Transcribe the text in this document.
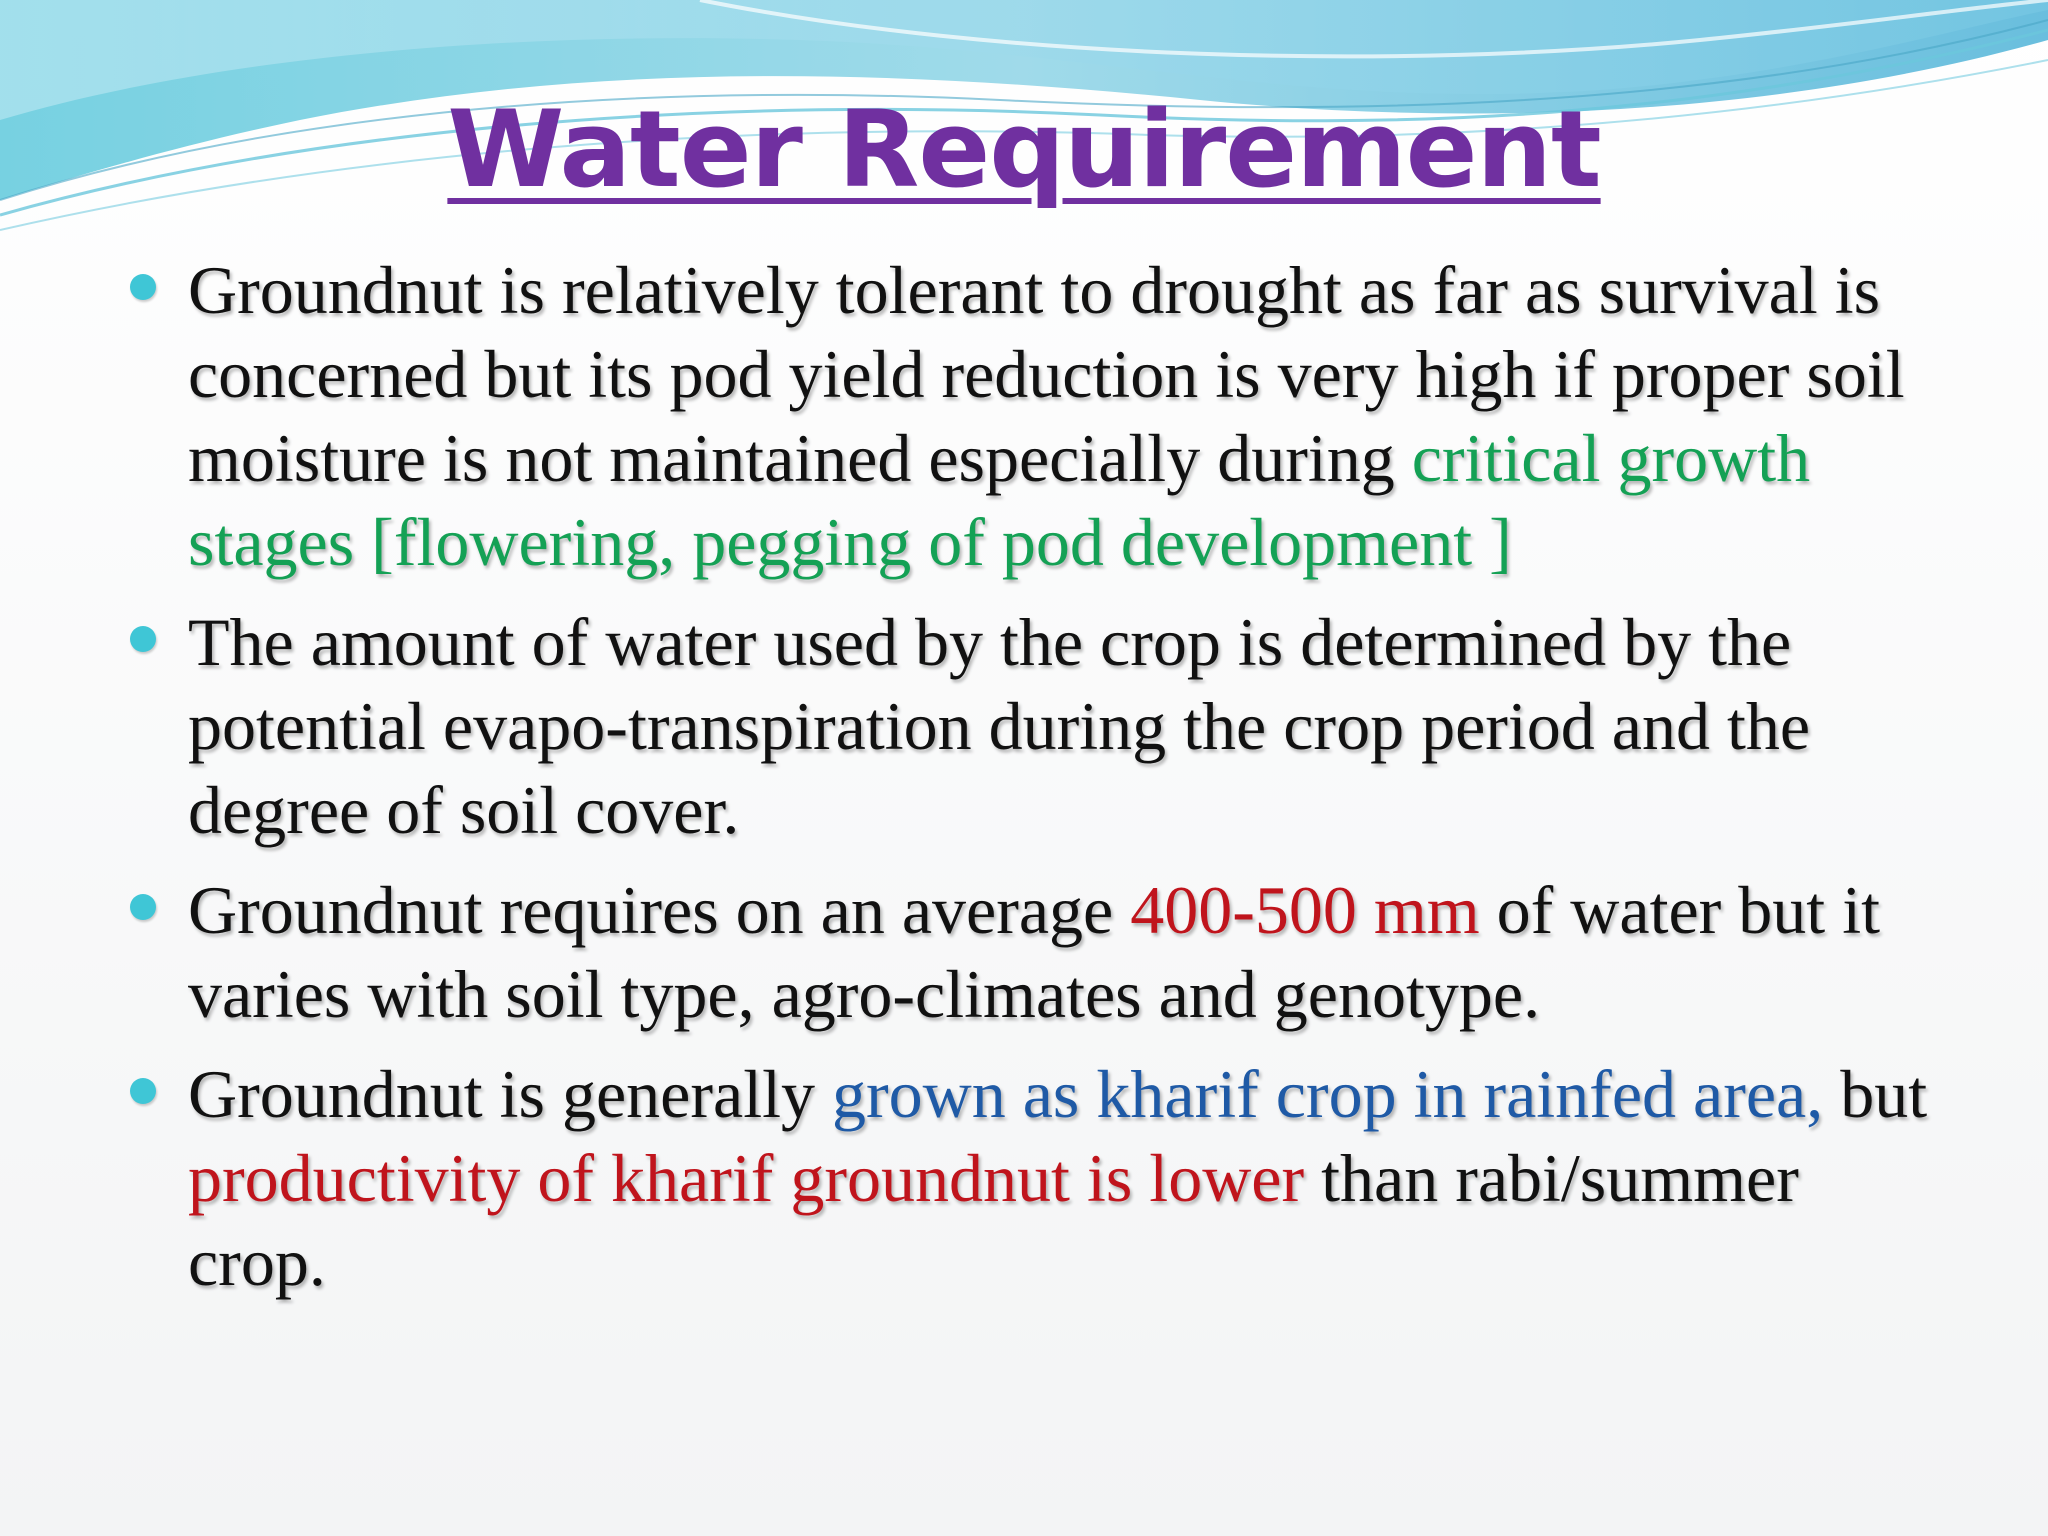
Water Requirement
Groundnut is relatively tolerant to drought as far as survival is concerned but its pod yield reduction is very high if proper soil moisture is not maintained especially during critical growth stages [flowering, pegging of pod development ]
The amount of water used by the crop is determined by the potential evapo-transpiration during the crop period and the degree of soil cover.
Groundnut requires on an average 400-500 mm of water but it varies with soil type, agro-climates and genotype.
Groundnut is generally grown as kharif crop in rainfed area, but productivity of kharif groundnut is lower than rabi/summer crop.
